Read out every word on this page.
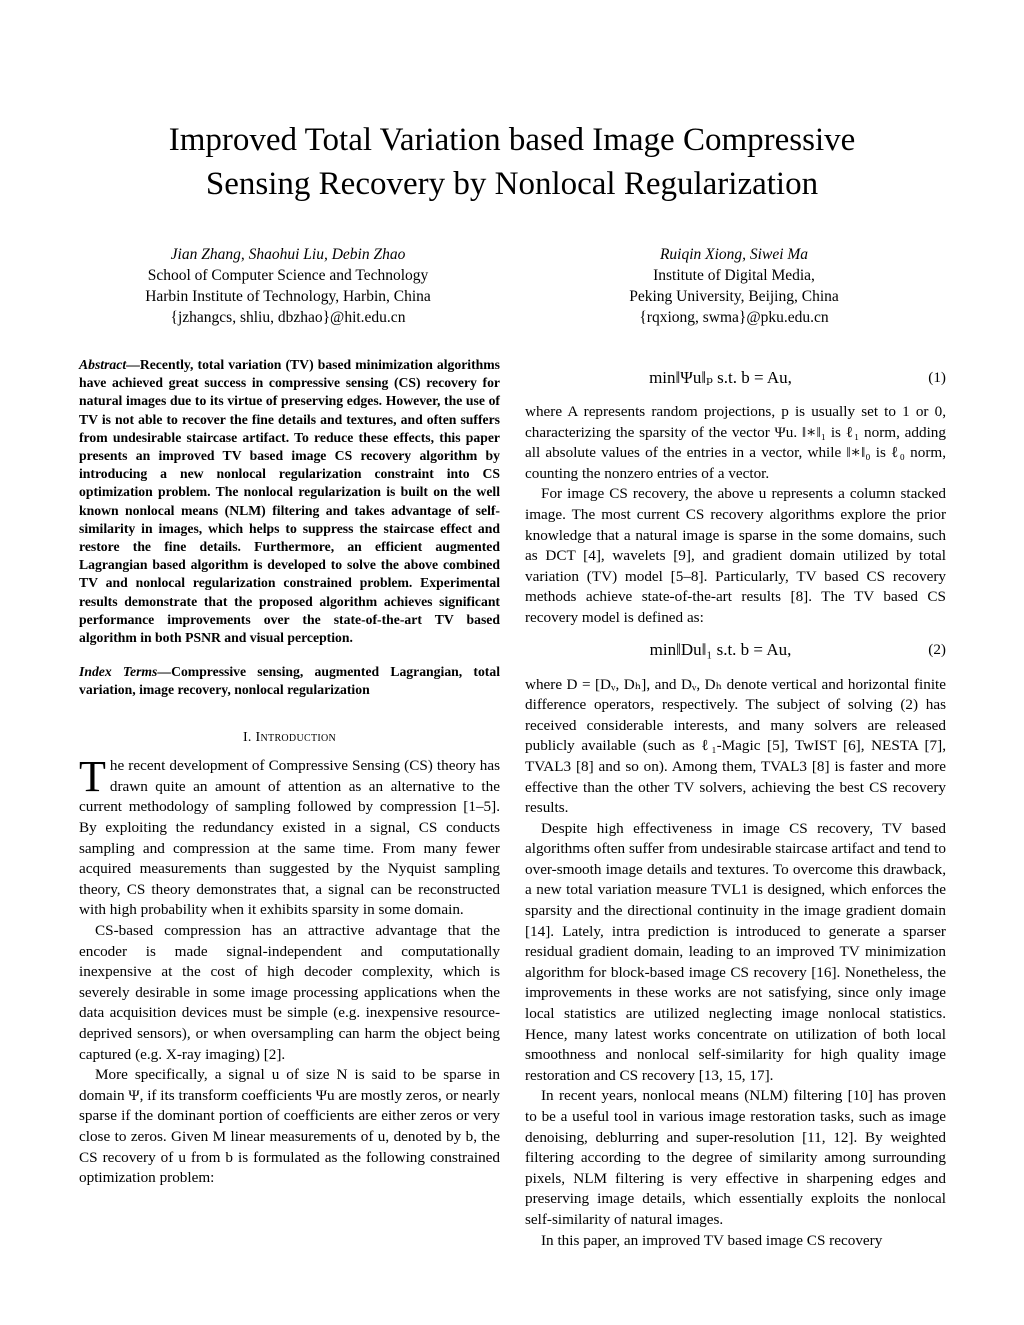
Improved Total Variation based Image Compressive
Sensing Recovery by Nonlocal Regularization
Jian Zhang, Shaohui Liu, Debin Zhao
School of Computer Science and Technology
Harbin Institute of Technology, Harbin, China
{jzhangcs, shliu, dbzhao}@hit.edu.cn
Ruiqin Xiong, Siwei Ma
Institute of Digital Media,
Peking University, Beijing, China
{rqxiong, swma}@pku.edu.cn
Abstract—Recently, total variation (TV) based minimization algorithms have achieved great success in compressive sensing (CS) recovery for natural images due to its virtue of preserving edges. However, the use of TV is not able to recover the fine details and textures, and often suffers from undesirable staircase artifact. To reduce these effects, this paper presents an improved TV based image CS recovery algorithm by introducing a new nonlocal regularization constraint into CS optimization problem. The nonlocal regularization is built on the well known nonlocal means (NLM) filtering and takes advantage of self-similarity in images, which helps to suppress the staircase effect and restore the fine details. Furthermore, an efficient augmented Lagrangian based algorithm is developed to solve the above combined TV and nonlocal regularization constrained problem. Experimental results demonstrate that the proposed algorithm achieves significant performance improvements over the state-of-the-art TV based algorithm in both PSNR and visual perception.
Index Terms—Compressive sensing, augmented Lagrangian, total variation, image recovery, nonlocal regularization
I. Introduction

The recent development of Compressive Sensing (CS) theory has drawn quite an amount of attention as an alternative to the current methodology of sampling followed by compression [1–5]. By exploiting the redundancy existed in a signal, CS conducts sampling and compression at the same time. From many fewer acquired measurements than suggested by the Nyquist sampling theory, CS theory demonstrates that, a signal can be reconstructed with high probability when it exhibits sparsity in some domain.

CS-based compression has an attractive advantage that the encoder is made signal-independent and computationally inexpensive at the cost of high decoder complexity, which is severely desirable in some image processing applications when the data acquisition devices must be simple (e.g. inexpensive resource-deprived sensors), or when oversampling can harm the object being captured (e.g. X-ray imaging) [2].

More specifically, a signal u of size N is said to be sparse in domain Ψ, if its transform coefficients Ψu are mostly zeros, or nearly sparse if the dominant portion of coefficients are either zeros or very close to zeros. Given M linear measurements of u, denoted by b, the CS recovery of u from b is formulated as the following constrained optimization problem:

min‖Ψu‖ₚ s.t. b = Au,	(1)

where A represents random projections, p is usually set to 1 or 0, characterizing the sparsity of the vector Ψu. ‖∗‖₁ is ℓ₁ norm, adding all absolute values of the entries in a vector, while ‖∗‖₀ is ℓ₀ norm, counting the nonzero entries of a vector.

For image CS recovery, the above u represents a column stacked image. The most current CS recovery algorithms explore the prior knowledge that a natural image is sparse in the some domains, such as DCT [4], wavelets [9], and gradient domain utilized by total variation (TV) model [5–8]. Particularly, TV based CS recovery methods achieve state-of-the-art results [8]. The TV based CS recovery model is defined as:

min‖Du‖₁ s.t. b = Au,	(2)

where D = [Dᵥ, Dₕ], and Dᵥ, Dₕ denote vertical and horizontal finite difference operators, respectively. The subject of solving (2) has received considerable interests, and many solvers are released publicly available (such as ℓ₁-Magic [5], TwIST [6], NESTA [7], TVAL3 [8] and so on). Among them, TVAL3 [8] is faster and more effective than the other TV solvers, achieving the best CS recovery results.

Despite high effectiveness in image CS recovery, TV based algorithms often suffer from undesirable staircase artifact and tend to over-smooth image details and textures. To overcome this drawback, a new total variation measure TVL1 is designed, which enforces the sparsity and the directional continuity in the image gradient domain [14]. Lately, intra prediction is introduced to generate a sparser residual gradient domain, leading to an improved TV minimization algorithm for block-based image CS recovery [16]. Nonetheless, the improvements in these works are not satisfying, since only image local statistics are utilized neglecting image nonlocal statistics. Hence, many latest works concentrate on utilization of both local smoothness and nonlocal self-similarity for high quality image restoration and CS recovery [13, 15, 17].

In recent years, nonlocal means (NLM) filtering [10] has proven to be a useful tool in various image restoration tasks, such as image denoising, deblurring and super-resolution [11, 12]. By weighted filtering according to the degree of similarity among surrounding pixels, NLM filtering is very effective in sharpening edges and preserving image details, which essentially exploits the nonlocal self-similarity of natural images.

In this paper, an improved TV based image CS recovery
